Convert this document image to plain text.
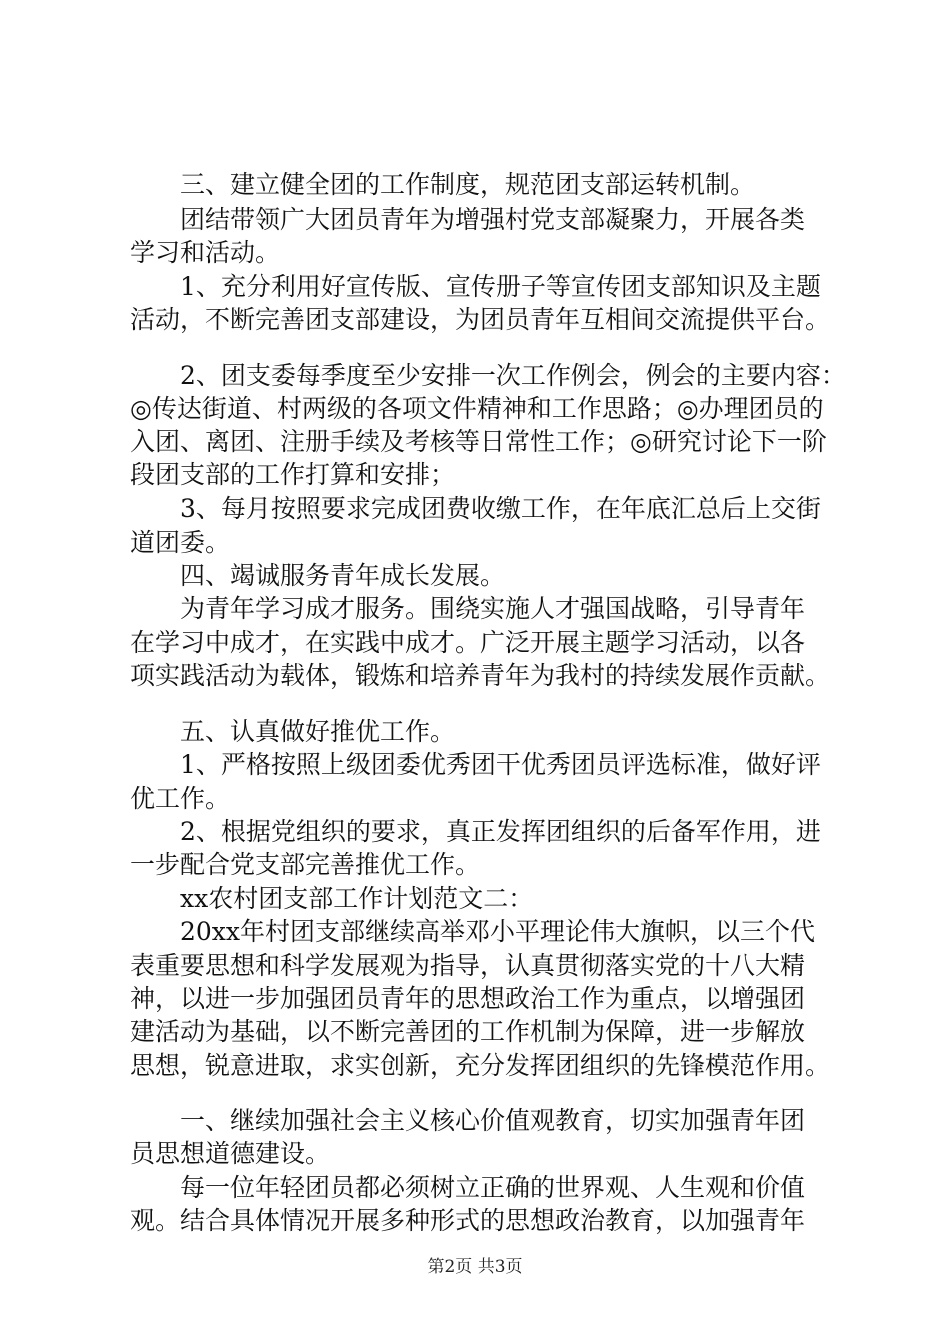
　　三、建立健全团的工作制度，规范团支部运转机制。
　　团结带领广大团员青年为增强村党支部凝聚力，开展各类
学习和活动。
　　1、充分利用好宣传版、宣传册子等宣传团支部知识及主题
活动，不断完善团支部建设，为团员青年互相间交流提供平台。
　　2、团支委每季度至少安排一次工作例会，例会的主要内容：
◎传达街道、村两级的各项文件精神和工作思路；◎办理团员的
入团、离团、注册手续及考核等日常性工作；◎研究讨论下一阶
段团支部的工作打算和安排；
　　3、每月按照要求完成团费收缴工作，在年底汇总后上交街
道团委。
　　四、竭诚服务青年成长发展。
　　为青年学习成才服务。围绕实施人才强国战略，引导青年
在学习中成才，在实践中成才。广泛开展主题学习活动，以各
项实践活动为载体，锻炼和培养青年为我村的持续发展作贡献。
　　五、认真做好推优工作。
　　1、严格按照上级团委优秀团干优秀团员评选标准，做好评
优工作。
　　2、根据党组织的要求，真正发挥团组织的后备军作用，进
一步配合党支部完善推优工作。
　　xx农村团支部工作计划范文二：
　　20xx年村团支部继续高举邓小平理论伟大旗帜，以三个代
表重要思想和科学发展观为指导，认真贯彻落实党的十八大精
神，以进一步加强团员青年的思想政治工作为重点，以增强团
建活动为基础，以不断完善团的工作机制为保障，进一步解放
思想，锐意进取，求实创新，充分发挥团组织的先锋模范作用。
　　一、继续加强社会主义核心价值观教育，切实加强青年团
员思想道德建设。
　　每一位年轻团员都必须树立正确的世界观、人生观和价值
观。结合具体情况开展多种形式的思想政治教育，以加强青年
第2页 共3页
